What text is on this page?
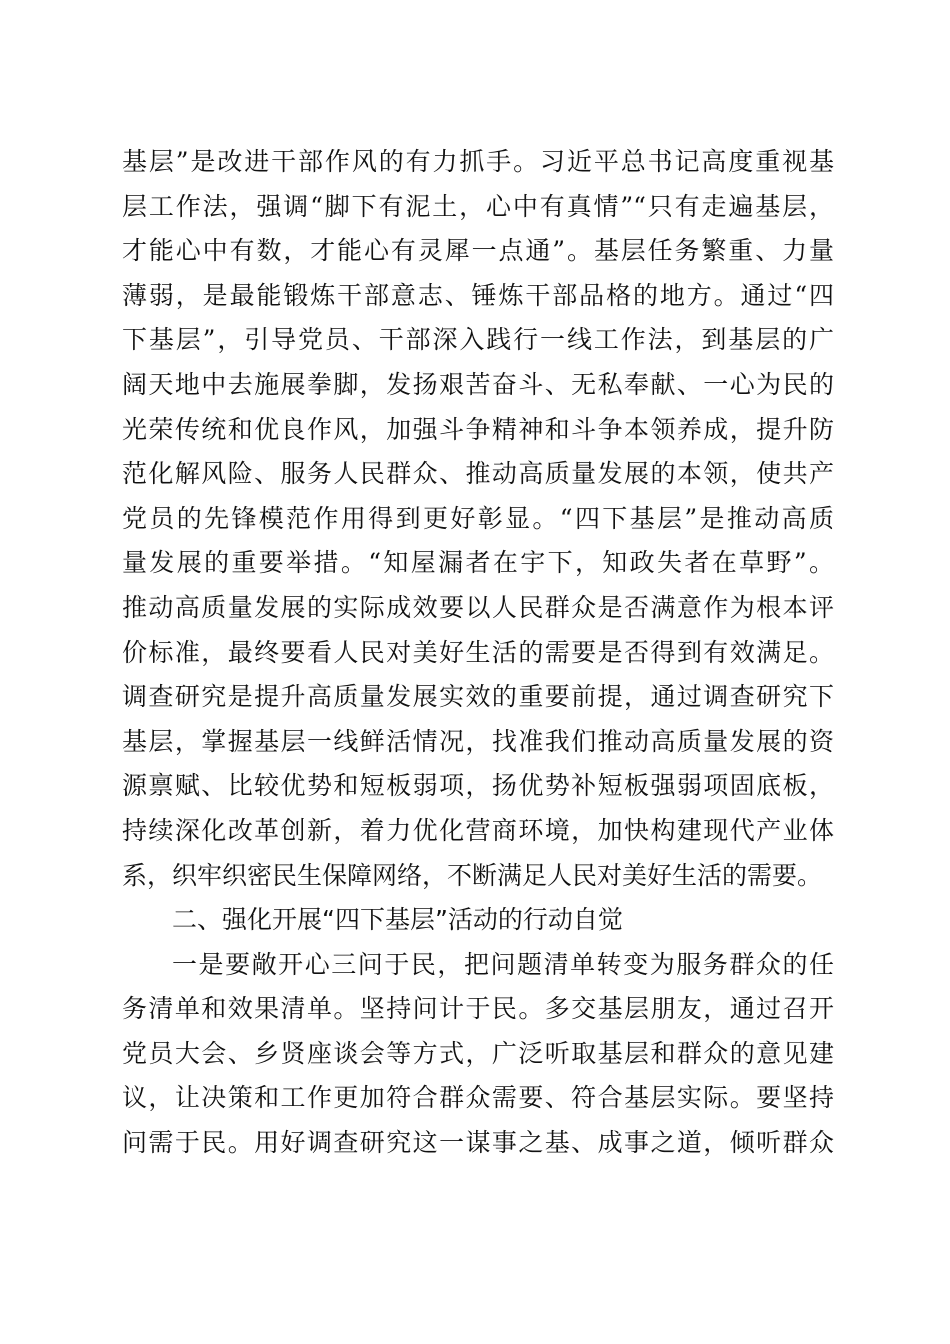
基层”是改进干部作风的有力抓手。习近平总书记高度重视基
层工作法，强调“脚下有泥土，心中有真情”“只有走遍基层，
才能心中有数，才能心有灵犀一点通”。基层任务繁重、力量
薄弱，是最能锻炼干部意志、锤炼干部品格的地方。通过“四
下基层”，引导党员、干部深入践行一线工作法，到基层的广
阔天地中去施展拳脚，发扬艰苦奋斗、无私奉献、一心为民的
光荣传统和优良作风，加强斗争精神和斗争本领养成，提升防
范化解风险、服务人民群众、推动高质量发展的本领，使共产
党员的先锋模范作用得到更好彰显。“四下基层”是推动高质
量发展的重要举措。“知屋漏者在宇下，知政失者在草野”。
推动高质量发展的实际成效要以人民群众是否满意作为根本评
价标准，最终要看人民对美好生活的需要是否得到有效满足。
调查研究是提升高质量发展实效的重要前提，通过调查研究下
基层，掌握基层一线鲜活情况，找准我们推动高质量发展的资
源禀赋、比较优势和短板弱项，扬优势补短板强弱项固底板，
持续深化改革创新，着力优化营商环境，加快构建现代产业体
系，织牢织密民生保障网络，不断满足人民对美好生活的需要。
二、强化开展“四下基层”活动的行动自觉
一是要敞开心三问于民，把问题清单转变为服务群众的任
务清单和效果清单。坚持问计于民。多交基层朋友，通过召开
党员大会、乡贤座谈会等方式，广泛听取基层和群众的意见建
议，让决策和工作更加符合群众需要、符合基层实际。要坚持
问需于民。用好调查研究这一谋事之基、成事之道，倾听群众
